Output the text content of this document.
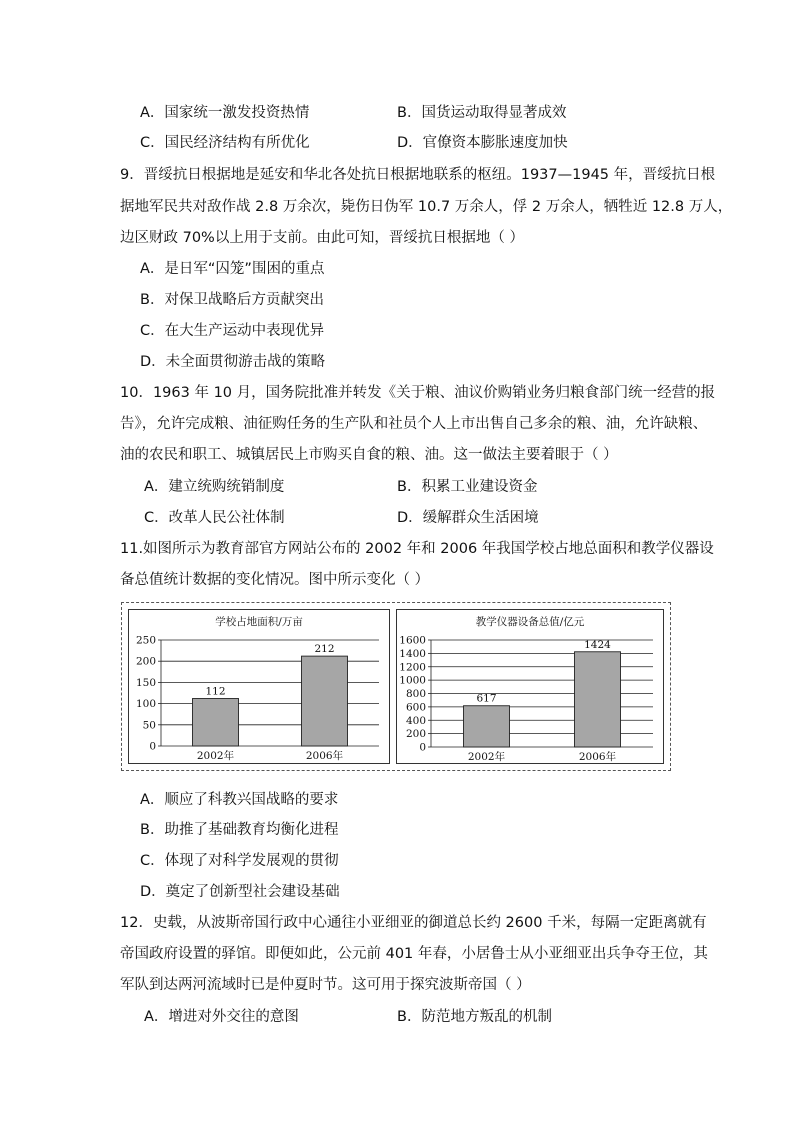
A．国家统一激发投资热情	B．国货运动取得显著成效
C．国民经济结构有所优化	D．官僚资本膨胀速度加快
9．晋绥抗日根据地是延安和华北各处抗日根据地联系的枢纽。1937—1945 年，晋绥抗日根
据地军民共对敌作战 2.8 万余次，毙伤日伪军 10.7 万余人，俘 2 万余人，牺牲近 12.8 万人，
边区财政 70%以上用于支前。由此可知，晋绥抗日根据地（ ）
A．是日军“囚笼”围困的重点
B．对保卫战略后方贡献突出
C．在大生产运动中表现优异
D．未全面贯彻游击战的策略
10．1963 年 10 月，国务院批准并转发《关于粮、油议价购销业务归粮食部门统一经营的报
告》，允许完成粮、油征购任务的生产队和社员个人上市出售自己多余的粮、油，允许缺粮、
油的农民和职工、城镇居民上市购买自食的粮、油。这一做法主要着眼于（ ）
A．建立统购统销制度	B．积累工业建设资金
C．改革人民公社体制	D．缓解群众生活困境
11.如图所示为教育部官方网站公布的 2002 年和 2006 年我国学校占地总面积和教学仪器设
备总值统计数据的变化情况。图中所示变化（ ）
学校占地面积/万亩
0
50
100
150
200
250
112
2002年
212
2006年
教学仪器设备总值/亿元
0
200
400
600
800
1000
1200
1400
1600
617
2002年
1424
2006年
A．顺应了科教兴国战略的要求
B．助推了基础教育均衡化进程
C．体现了对科学发展观的贯彻
D．奠定了创新型社会建设基础
12．史载，从波斯帝国行政中心通往小亚细亚的御道总长约 2600 千米，每隔一定距离就有
帝国政府设置的驿馆。即便如此，公元前 401 年春，小居鲁士从小亚细亚出兵争夺王位，其
军队到达两河流域时已是仲夏时节。这可用于探究波斯帝国（ ）
A．增进对外交往的意图	B．防范地方叛乱的机制
